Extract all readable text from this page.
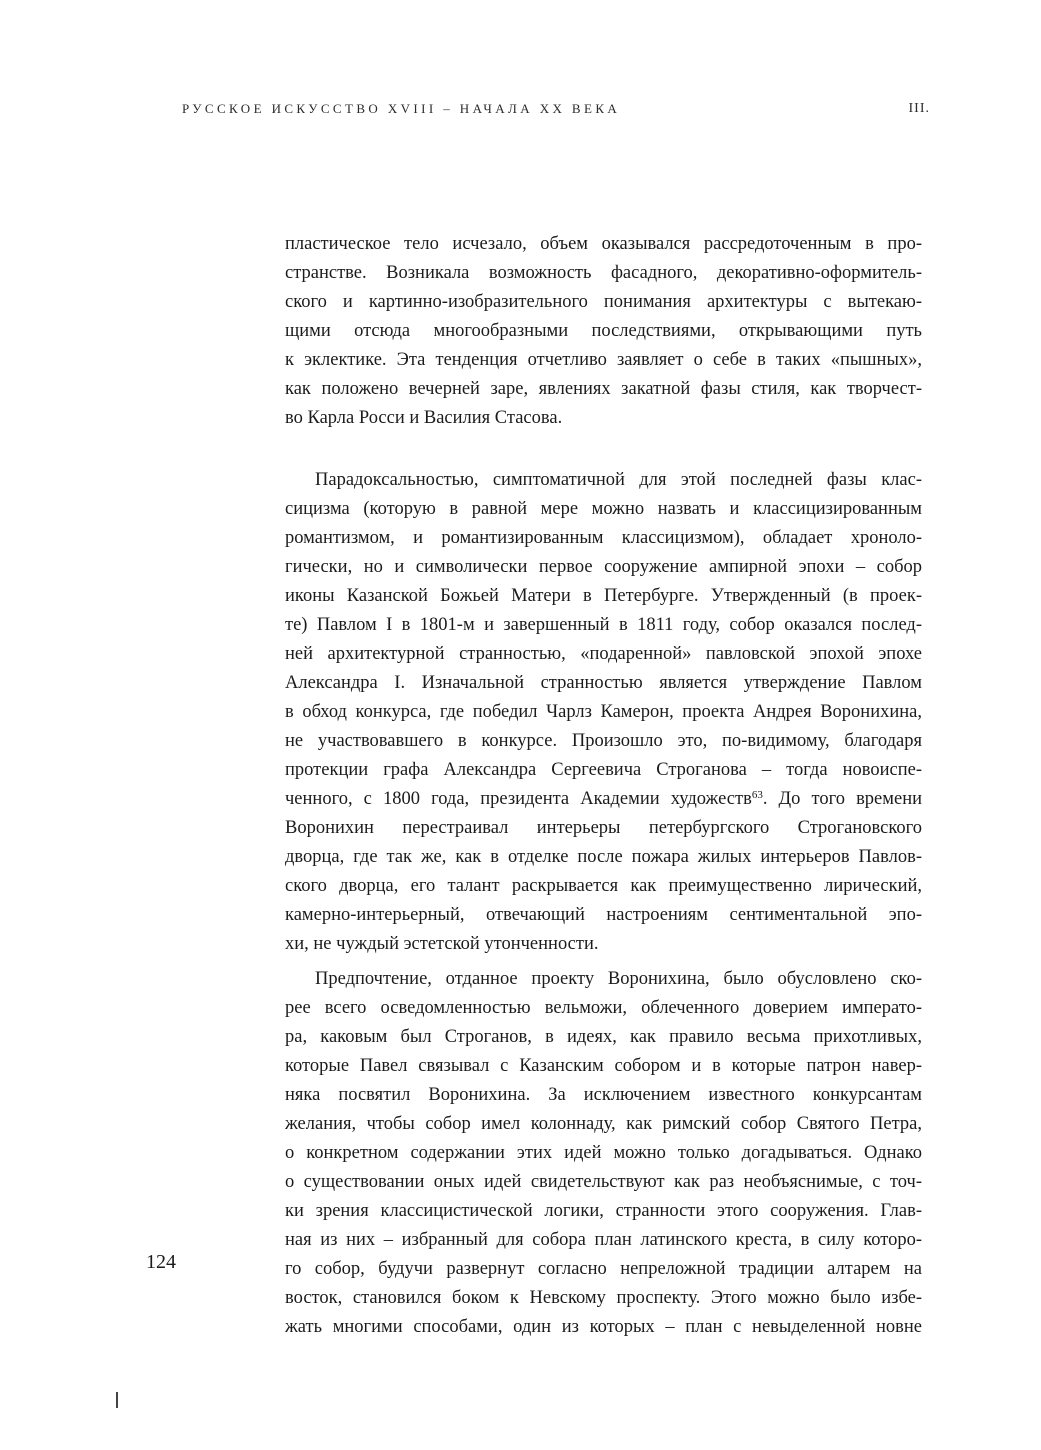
РУССКОЕ ИСКУССТВО XVIII – НАЧАЛА XX ВЕКА	III.
пластическое тело исчезало, объем оказывался рассредоточенным в про-
странстве. Возникала возможность фасадного, декоративно-оформитель-
ского и картинно-изобразительного понимания архитектуры с вытекаю-
щими отсюда многообразными последствиями, открывающими путь
к эклектике. Эта тенденция отчетливо заявляет о себе в таких «пышных»,
как положено вечерней заре, явлениях закатной фазы стиля, как творчест-
во Карла Росси и Василия Стасова.
Парадоксальностью, симптоматичной для этой последней фазы клас-
сицизма (которую в равной мере можно назвать и классицизированным
романтизмом, и романтизированным классицизмом), обладает хроноло-
гически, но и символически первое сооружение ампирной эпохи – собор
иконы Казанской Божьей Матери в Петербурге. Утвержденный (в проек-
те) Павлом I в 1801-м и завершенный в 1811 году, собор оказался послед-
ней архитектурной странностью, «подаренной» павловской эпохой эпохе
Александра I. Изначальной странностью является утверждение Павлом
в обход конкурса, где победил Чарлз Камерон, проекта Андрея Воронихина,
не участвовавшего в конкурсе. Произошло это, по-видимому, благодаря
протекции графа Александра Сергеевича Строганова – тогда новоиспе-
ченного, с 1800 года, президента Академии художеств$^{63}$. До того времени
Воронихин перестраивал интерьеры петербургского Строгановского
дворца, где так же, как в отделке после пожара жилых интерьеров Павлов-
ского дворца, его талант раскрывается как преимущественно лирический,
камерно-интерьерный, отвечающий настроениям сентиментальной эпо-
хи, не чуждый эстетской утонченности.
Предпочтение, отданное проекту Воронихина, было обусловлено ско-
рее всего осведомленностью вельможи, облеченного доверием императо-
ра, каковым был Строганов, в идеях, как правило весьма прихотливых,
которые Павел связывал с Казанским собором и в которые патрон навер-
няка посвятил Воронихина. За исключением известного конкурсантам
желания, чтобы собор имел колоннаду, как римский собор Святого Петра,
о конкретном содержании этих идей можно только догадываться. Однако
о существовании оных идей свидетельствуют как раз необъяснимые, с точ-
ки зрения классицистической логики, странности этого сооружения. Глав-
ная из них – избранный для собора план латинского креста, в силу которо-
го собор, будучи развернут согласно непреложной традиции алтарем на
восток, становился боком к Невскому проспекту. Этого можно было избе-
жать многими способами, один из которых – план с невыделенной новне
124
